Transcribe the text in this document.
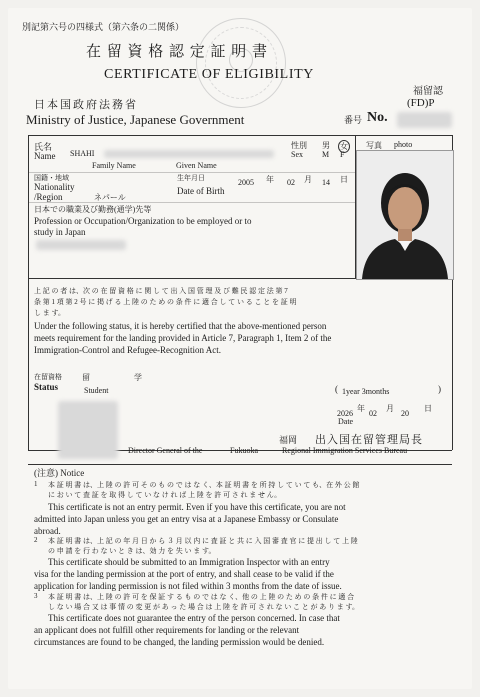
別記第六号の四様式（第六条の二関係）
在 留 資 格 認 定 証 明 書
CERTIFICATE OF ELIGIBILITY
日本国政府法務省
Ministry of Justice, Japanese Government
福留認
(FD)P
番号 No.
氏名
Name SHAHI
Family Name	Given Name
性別
Sex
男 女
M F
写真 photo
国籍・地域
Nationality
/Region	ネパール
生年月日
Date of Birth
2005 年 02 月 14 日
日本での職業及び勤務(通学)先等
Profession or Occupation/Organization to be employed or to
study in Japan
上 記 の 者 は、次 の 在 留 資 格 に 関 し て 出 入 国 管 理 及 び 難 民 認 定 法 第 7
条 第 1 項 第 2 号 に 掲 げ る 上 陸 の た め の 条 件 に 適 合 し て い る こ と を 証 明
し ま す。
Under the following status, it is hereby certified that the above-mentioned person
meets requirement for the landing provided in Article 7, Paragraph 1, Item 2 of the
Immigration-Control and Refugee-Recognition Act.
在留資格
Status
留　学
Student	( 1year 3months	)
年
2026 02
月
20
日
Date
福岡 出入国在留管理局長
Director General of the	Fukuoka	Regional Immigration Services Bureau
(注意) Notice
1 本 証 明 書 は、上 陸 の 許 可 そ の も の で は な く、本 証 明 書 を 所 持 し て い て も、在 外 公 館
に お い て 査 証 を 取 得 し て い な け れ ば 上 陸 を 許 可 さ れ ま せ ん。
This certificate is not an entry permit. Even if you have this certificate, you are not
admitted into Japan unless you get an entry visa at a Japanese Embassy or Consulate
abroad.
2 本 証 明 書 は、上 記 の 年 月 日 か ら ３ 月 以 内 に 査 証 と 共 に 入 国 審 査 官 に 提 出 し て 上 陸
の 申 請 を 行 わ な い と き は、効 力 を 失 い ま す。
This certificate should be submitted to an Immigration Inspector with an entry
visa for the landing permission at the port of entry, and shall cease to be valid if the
application for landing permission is not filed within 3 months from the date of issue.
3 本 証 明 書 は、上 陸 の 許 可 を 保 証 す る も の で は な く、他 の 上 陸 の た め の 条 件 に 適 合
し な い 場 合 又 は 事 情 の 変 更 が あ っ た 場 合 は 上 陸 を 許 可 さ れ な い こ と が あ り ま す。
This certificate does not guarantee the entry of the person concerned. In case that
an applicant does not fulfill other requirements for landing or the relevant
circumstances are found to be changed, the landing permission would be denied.
